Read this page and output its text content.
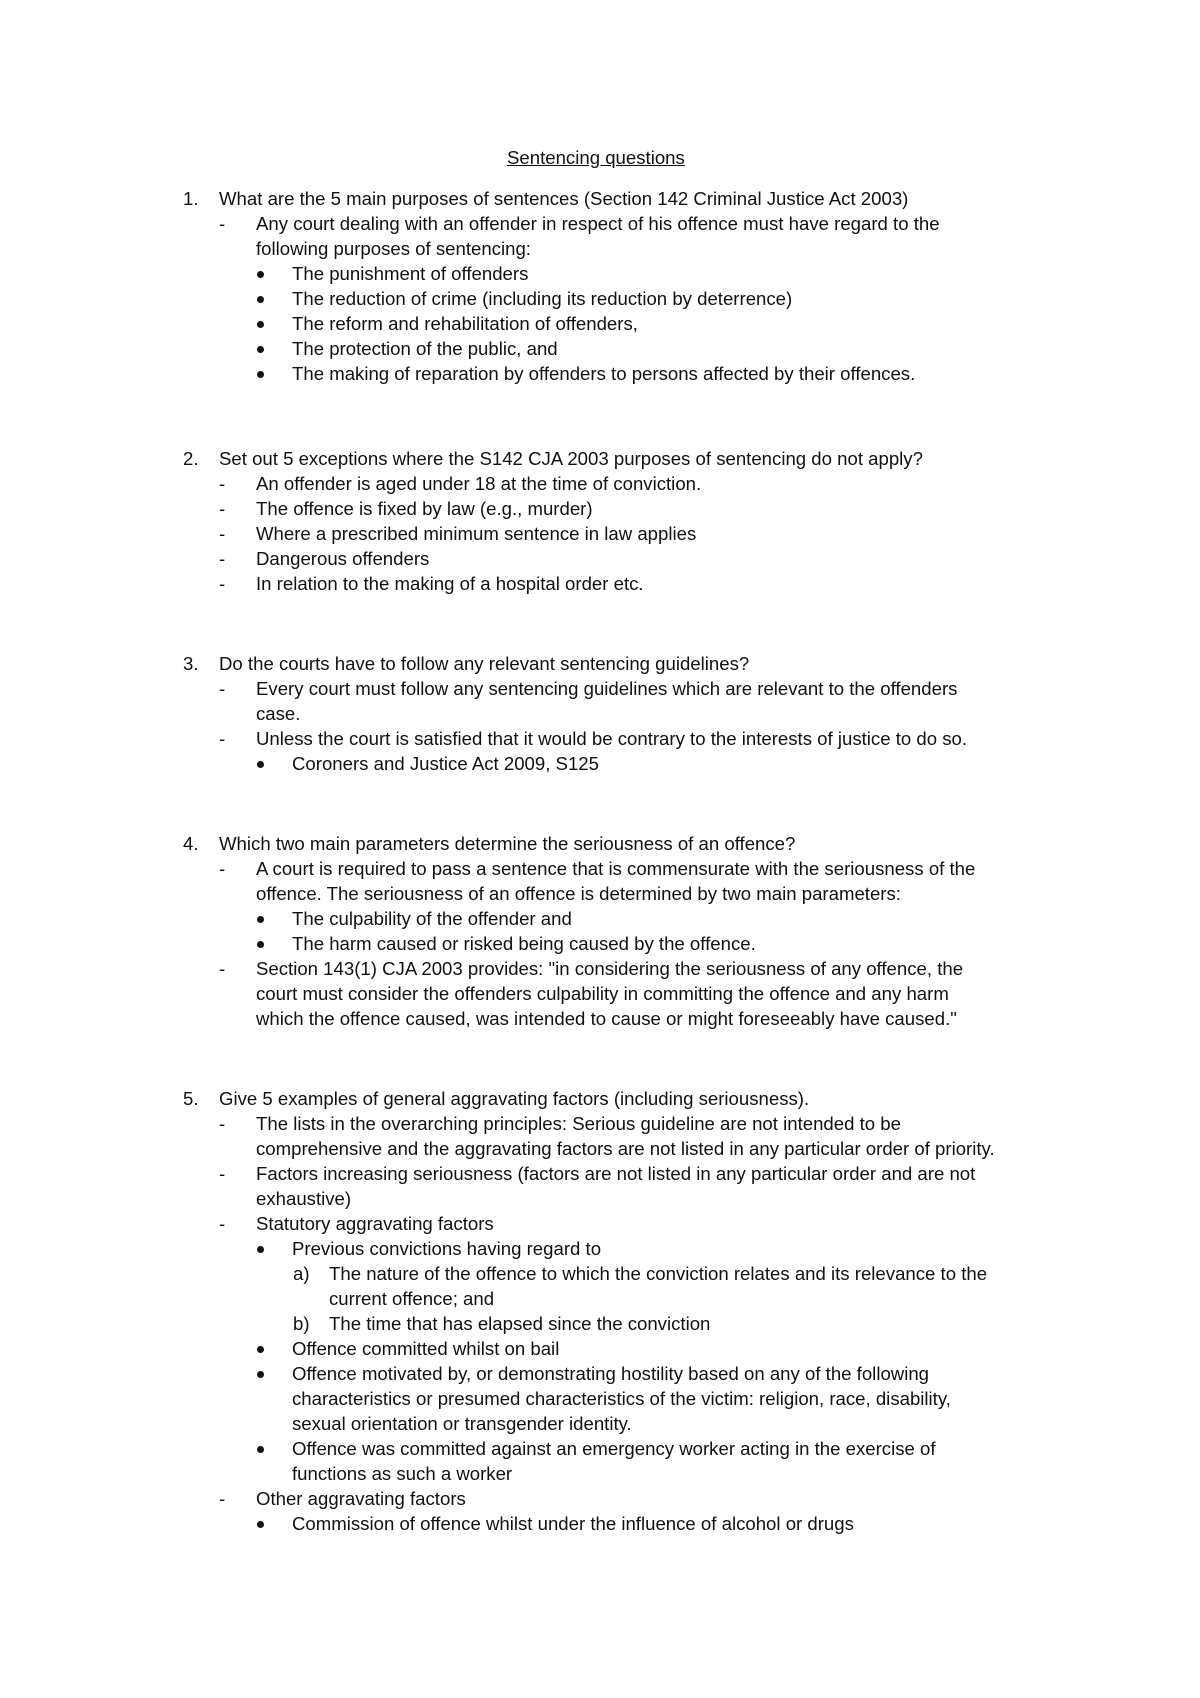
Sentencing questions
1. What are the 5 main purposes of sentences (Section 142 Criminal Justice Act 2003)
- Any court dealing with an offender in respect of his offence must have regard to the
following purposes of sentencing:
The punishment of offenders
The reduction of crime (including its reduction by deterrence)
The reform and rehabilitation of offenders,
The protection of the public, and
The making of reparation by offenders to persons affected by their offences.
2. Set out 5 exceptions where the S142 CJA 2003 purposes of sentencing do not apply?
- An offender is aged under 18 at the time of conviction.
- The offence is fixed by law (e.g., murder)
- Where a prescribed minimum sentence in law applies
- Dangerous offenders
- In relation to the making of a hospital order etc.
3. Do the courts have to follow any relevant sentencing guidelines?
- Every court must follow any sentencing guidelines which are relevant to the offenders
case.
- Unless the court is satisfied that it would be contrary to the interests of justice to do so.
Coroners and Justice Act 2009, S125
4. Which two main parameters determine the seriousness of an offence?
- A court is required to pass a sentence that is commensurate with the seriousness of the
offence. The seriousness of an offence is determined by two main parameters:
The culpability of the offender and
The harm caused or risked being caused by the offence.
- Section 143(1) CJA 2003 provides: "in considering the seriousness of any offence, the
court must consider the offenders culpability in committing the offence and any harm
which the offence caused, was intended to cause or might foreseeably have caused."
5. Give 5 examples of general aggravating factors (including seriousness).
- The lists in the overarching principles: Serious guideline are not intended to be
comprehensive and the aggravating factors are not listed in any particular order of priority.
- Factors increasing seriousness (factors are not listed in any particular order and are not
exhaustive)
- Statutory aggravating factors
Previous convictions having regard to
a) The nature of the offence to which the conviction relates and its relevance to the
current offence; and
b) The time that has elapsed since the conviction
Offence committed whilst on bail
Offence motivated by, or demonstrating hostility based on any of the following
characteristics or presumed characteristics of the victim: religion, race, disability,
sexual orientation or transgender identity.
Offence was committed against an emergency worker acting in the exercise of
functions as such a worker
- Other aggravating factors
Commission of offence whilst under the influence of alcohol or drugs
